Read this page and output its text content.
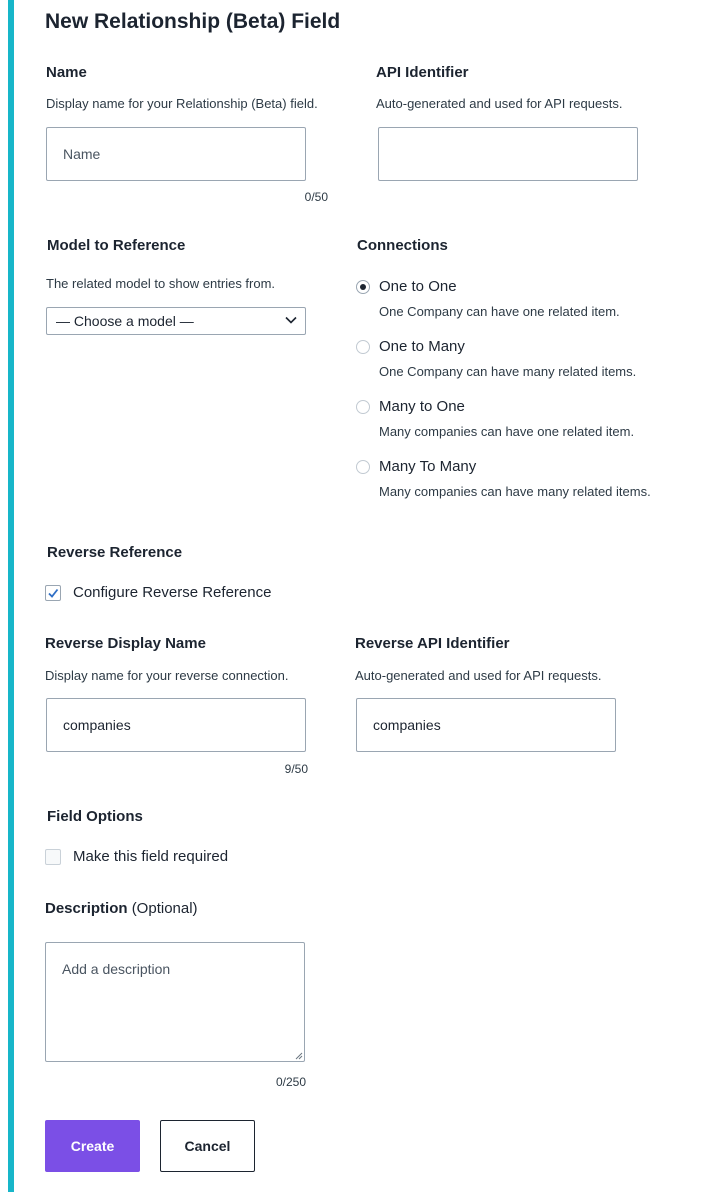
New Relationship (Beta) Field
Name
Display name for your Relationship (Beta) field.
Name
0/50
API Identifier
Auto-generated and used for API requests.
Model to Reference
The related model to show entries from.
— Choose a model —
Connections
One to One
One Company can have one related item.
One to Many
One Company can have many related items.
Many to One
Many companies can have one related item.
Many To Many
Many companies can have many related items.
Reverse Reference
Configure Reverse Reference
Reverse Display Name
Display name for your reverse connection.
companies
9/50
Reverse API Identifier
Auto-generated and used for API requests.
companies
Field Options
Make this field required
Description (Optional)
Add a description
0/250
Create	Cancel
